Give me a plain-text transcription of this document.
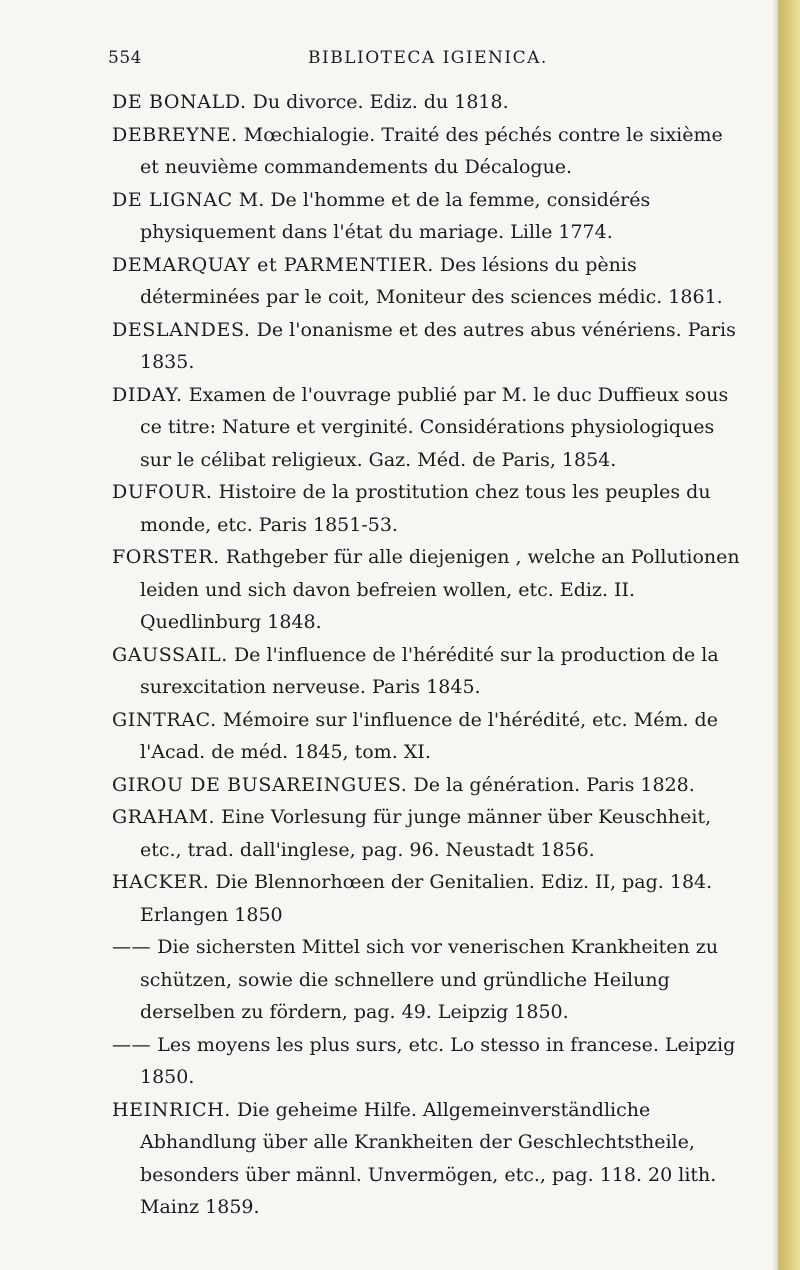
554	BIBLIOTECA IGIENICA.

DE BONALD. Du divorce. Ediz. du 1818.

DEBREYNE. Mœchialogie. Traité des péchés contre le sixième et neuvième commandements du Décalogue.

DE LIGNAC M. De l'homme et de la femme, considérés physiquement dans l'état du mariage. Lille 1774.

DEMARQUAY et PARMENTIER. Des lésions du pènis déterminées par le coit, Moniteur des sciences médic. 1861.

DESLANDES. De l'onanisme et des autres abus vénériens. Paris 1835.

DIDAY. Examen de l'ouvrage publié par M. le duc Duffieux sous ce titre: Nature et verginité. Considérations physiologiques sur le célibat religieux. Gaz. Méd. de Paris, 1854.

DUFOUR. Histoire de la prostitution chez tous les peuples du monde, etc. Paris 1851-53.

FORSTER. Rathgeber für alle diejenigen , welche an Pollutionen leiden und sich davon befreien wollen, etc. Ediz. II. Quedlinburg 1848.

GAUSSAIL. De l'influence de l'hérédité sur la production de la surexcitation nerveuse. Paris 1845.

GINTRAC. Mémoire sur l'influence de l'hérédité, etc. Mém. de l'Acad. de méd. 1845, tom. XI.

GIROU DE BUSAREINGUES. De la génération. Paris 1828.

GRAHAM. Eine Vorlesung für junge männer über Keuschheit, etc., trad. dall'inglese, pag. 96. Neustadt 1856.

HACKER. Die Blennorhœen der Genitalien. Ediz. II, pag. 184. Erlangen 1850

—— Die sichersten Mittel sich vor venerischen Krankheiten zu schützen, sowie die schnellere und gründliche Heilung derselben zu fördern, pag. 49. Leipzig 1850.

—— Les moyens les plus surs, etc. Lo stesso in francese. Leipzig 1850.

HEINRICH. Die geheime Hilfe. Allgemeinverständliche Abhandlung über alle Krankheiten der Geschlechtstheile, besonders über männl. Unvermögen, etc., pag. 118. 20 lith. Mainz 1859.
